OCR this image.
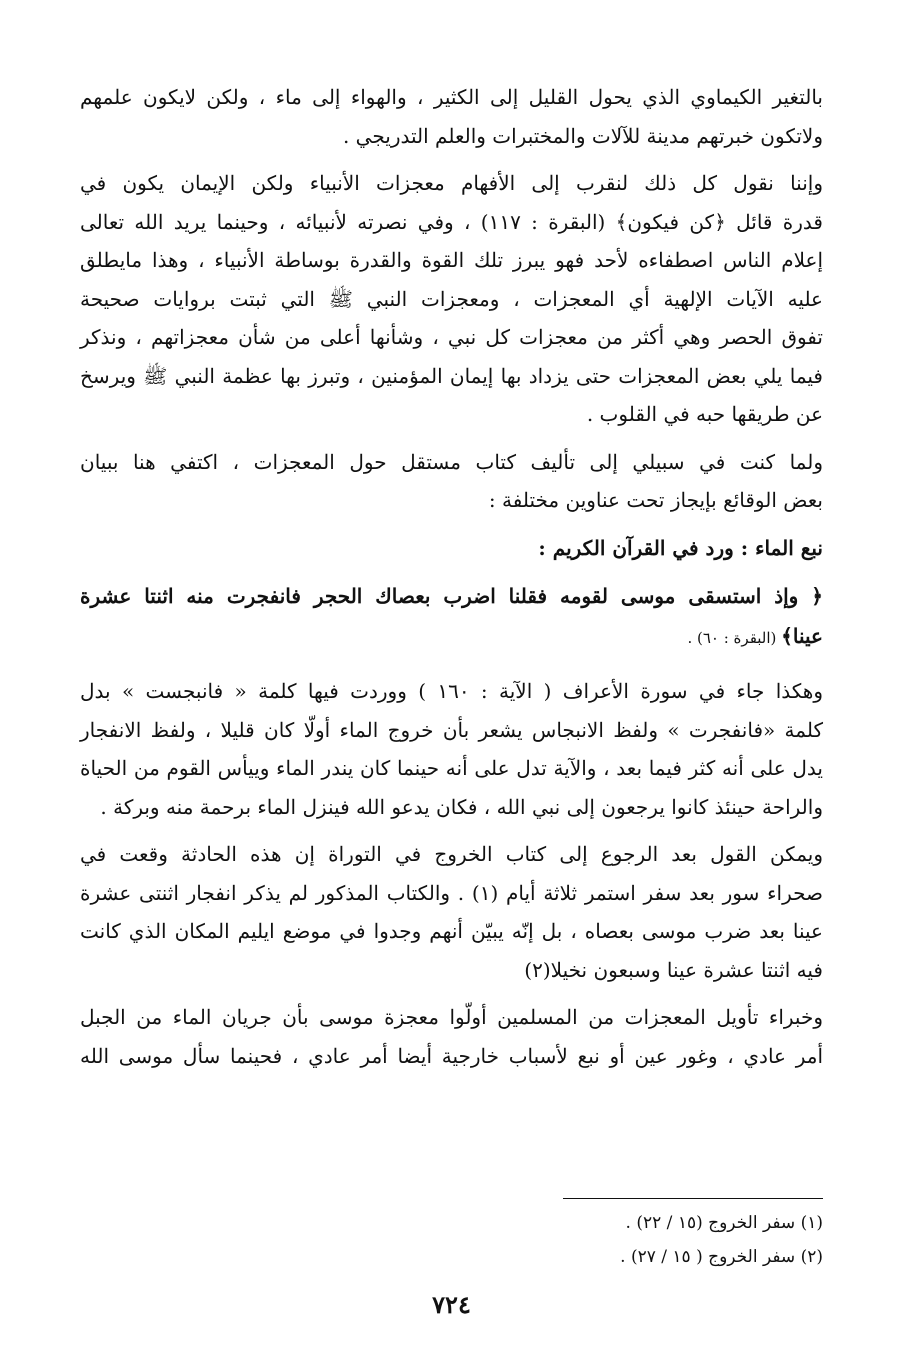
بالتغير الكيماوي الذي يحول القليل إلى الكثير ، والهواء إلى ماء ، ولكن لايكون علمهم
ولاتكون خبرتهم مدينة للآلات والمختبرات والعلم التدريجي .

وإننا نقول كل ذلك لنقرب إلى الأفهام معجزات الأنبياء ولكن الإيمان يكون في
قدرة قائل ﴿كن فيكون﴾ (البقرة : ١١٧) ، وفي نصرته لأنبيائه ، وحينما يريد الله تعالى
إعلام الناس اصطفاءه لأحد فهو يبرز تلك القوة والقدرة بوساطة الأنبياء ، وهذا مايطلق
عليه الآيات الإلهية أي المعجزات ، ومعجزات النبي ﷺ التي ثبتت بروايات صحيحة
تفوق الحصر وهي أكثر من معجزات كل نبي ، وشأنها أعلى من شأن معجزاتهم ، ونذكر
فيما يلي بعض المعجزات حتى يزداد بها إيمان المؤمنين ، وتبرز بها عظمة النبي ﷺ ويرسخ
عن طريقها حبه في القلوب .

ولما كنت في سبيلي إلى تأليف كتاب مستقل حول المعجزات ، اكتفي هنا ببيان
بعض الوقائع بإيجاز تحت عناوين مختلفة :

نبع الماء : ورد في القرآن الكريم :

﴿ وإذ استسقى موسى لقومه فقلنا اضرب بعصاك الحجر فانفجرت منه اثنتا عشرة
عينا﴾ (البقرة : ٦٠) .

وهكذا جاء في سورة الأعراف ( الآية : ١٦٠ ) ووردت فيها كلمة « فانبجست » بدل
كلمة «فانفجرت » ولفظ الانبجاس يشعر بأن خروج الماء أولّا كان قليلا ، ولفظ الانفجار
يدل على أنه كثر فيما بعد ، والآية تدل على أنه حينما كان يندر الماء وييأس القوم من الحياة
والراحة حينئذ كانوا يرجعون إلى نبي الله ، فكان يدعو الله فينزل الماء برحمة منه وبركة .

ويمكن القول بعد الرجوع إلى كتاب الخروج في التوراة إن هذه الحادثة وقعت في
صحراء سور بعد سفر استمر ثلاثة أيام (١) . والكتاب المذكور لم يذكر انفجار اثنتى عشرة
عينا بعد ضرب موسى بعصاه ، بل إنّه يبيّن أنهم وجدوا في موضع ايليم المكان الذي كانت
فيه اثنتا عشرة عينا وسبعون نخيلا(٢)

وخبراء تأويل المعجزات من المسلمين أولّوا معجزة موسى بأن جريان الماء من الجبل
أمر عادي ، وغور عين أو نبع لأسباب خارجية أيضا أمر عادي ، فحينما سأل موسى الله

(١) سفر الخروج (١٥ / ٢٢) .
(٢) سفر الخروج ( ١٥ / ٢٧) .
٧٢٤
